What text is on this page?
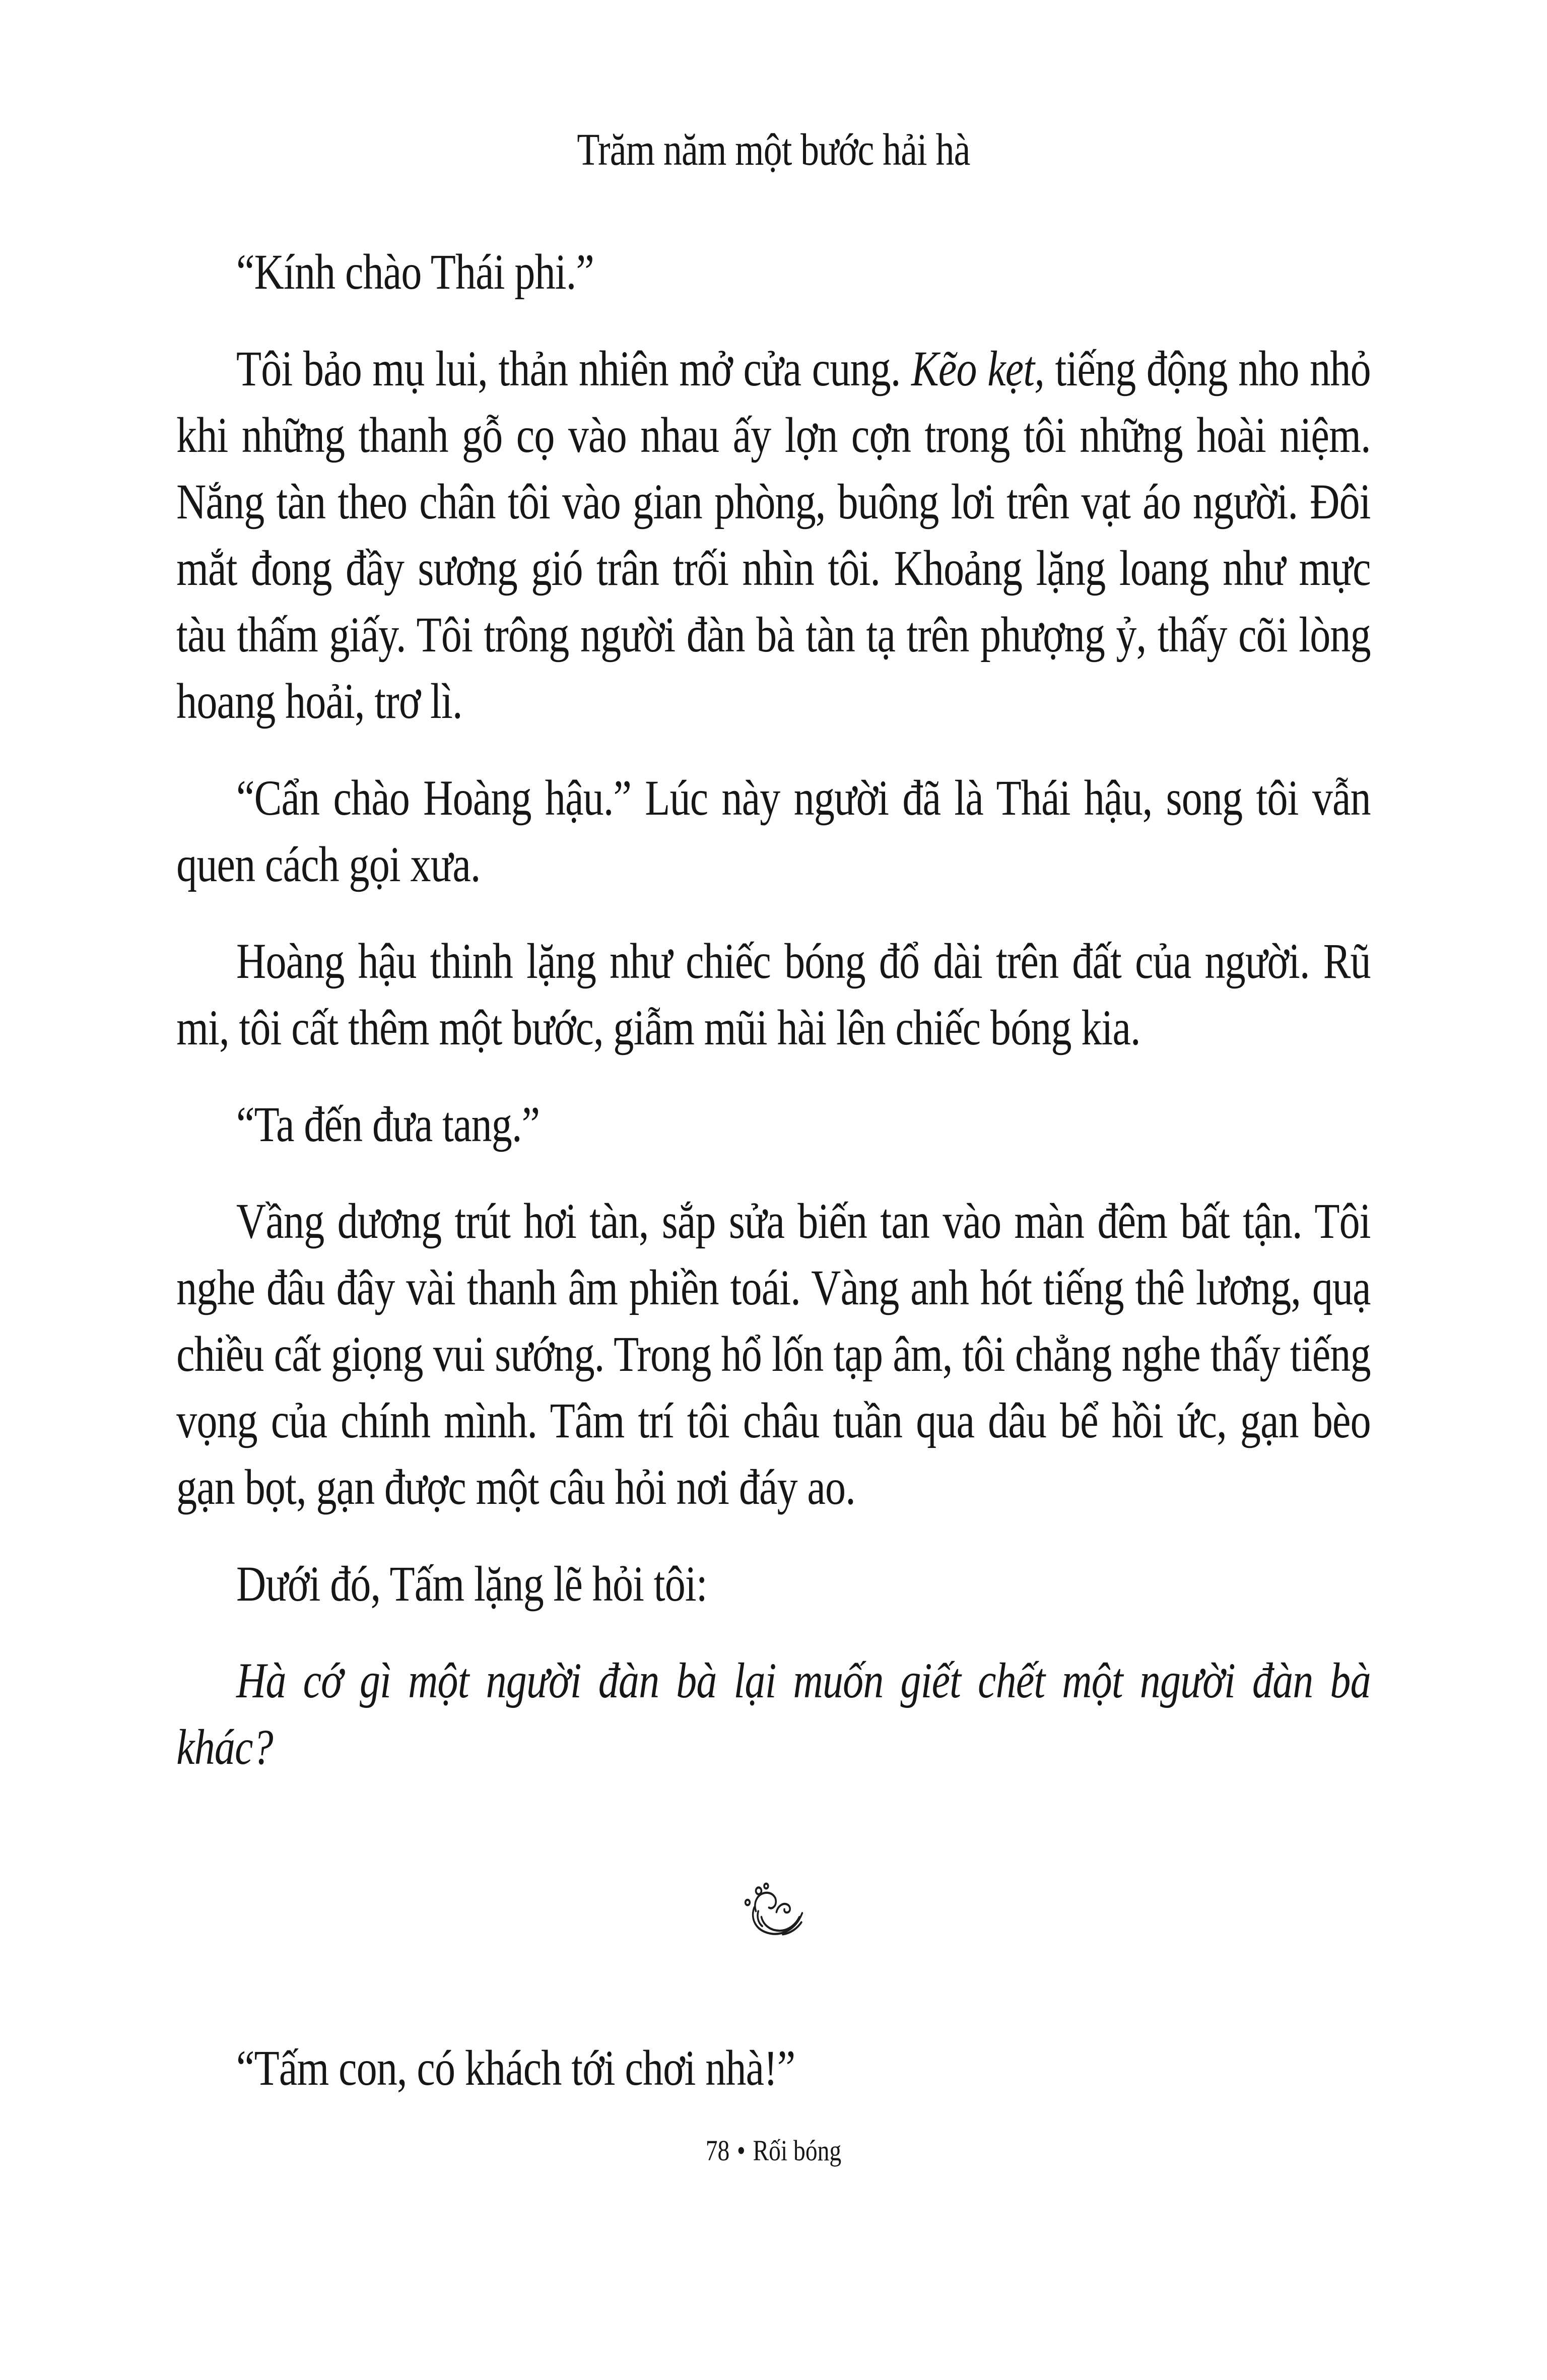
Trăm năm một bước hải hà

“Kính chào Thái phi.”

Tôi bảo mụ lui, thản nhiên mở cửa cung. Kẽo kẹt, tiếng động nho nhỏ khi những thanh gỗ cọ vào nhau ấy lợn cợn trong tôi những hoài niệm. Nắng tàn theo chân tôi vào gian phòng, buông lơi trên vạt áo người. Đôi mắt đong đầy sương gió trân trối nhìn tôi. Khoảng lặng loang như mực tàu thấm giấy. Tôi trông người đàn bà tàn tạ trên phượng ỷ, thấy cõi lòng hoang hoải, trơ lì.

“Cẩn chào Hoàng hậu.” Lúc này người đã là Thái hậu, song tôi vẫn quen cách gọi xưa.

Hoàng hậu thinh lặng như chiếc bóng đổ dài trên đất của người. Rũ mi, tôi cất thêm một bước, giẫm mũi hài lên chiếc bóng kia.

“Ta đến đưa tang.”

Vầng dương trút hơi tàn, sắp sửa biến tan vào màn đêm bất tận. Tôi nghe đâu đây vài thanh âm phiền toái. Vàng anh hót tiếng thê lương, quạ chiều cất giọng vui sướng. Trong hổ lốn tạp âm, tôi chẳng nghe thấy tiếng vọng của chính mình. Tâm trí tôi châu tuần qua dâu bể hồi ức, gạn bèo gạn bọt, gạn được một câu hỏi nơi đáy ao.

Dưới đó, Tấm lặng lẽ hỏi tôi:

Hà cớ gì một người đàn bà lại muốn giết chết một người đàn bà khác?

“Tấm con, có khách tới chơi nhà!”

78 • Rối bóng
